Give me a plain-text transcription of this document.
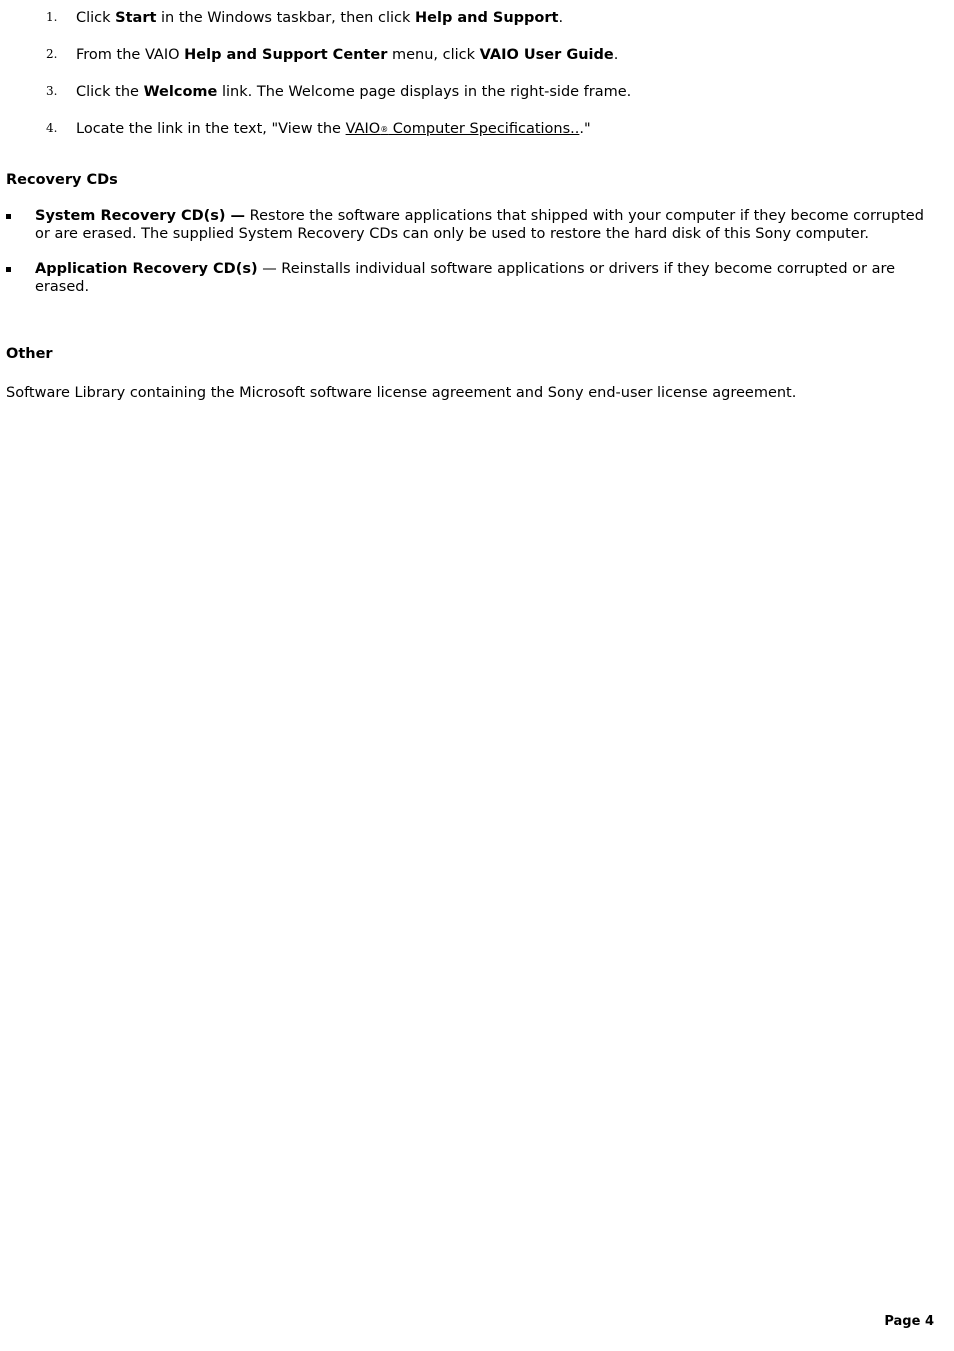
1. Click Start in the Windows taskbar, then click Help and Support.
2. From the VAIO Help and Support Center menu, click VAIO User Guide.
3. Click the Welcome link. The Welcome page displays in the right-side frame.
4. Locate the link in the text, "View the VAIO® Computer Specifications..."
Recovery CDs
System Recovery CD(s) — Restore the software applications that shipped with your computer if they become corrupted or are erased. The supplied System Recovery CDs can only be used to restore the hard disk of this Sony computer.
Application Recovery CD(s) — Reinstalls individual software applications or drivers if they become corrupted or are erased.
Other
Software Library containing the Microsoft software license agreement and Sony end-user license agreement.
Page 4
